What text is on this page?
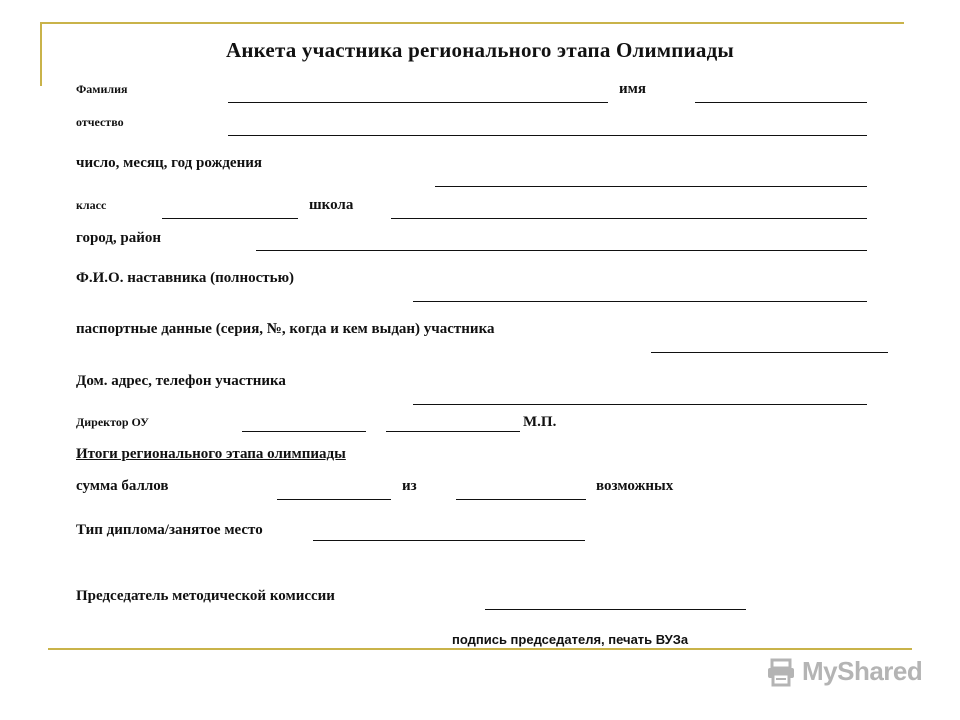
Анкета участника регионального этапа Олимпиады
Фамилия	имя
отчество
число, месяц, год рождения
класс	школа
город, район
Ф.И.О. наставника (полностью)
паспортные данные (серия, №, когда и кем выдан) участника
Дом. адрес, телефон участника
Директор ОУ	М.П.
Итоги регионального этапа олимпиады
сумма баллов	из	возможных
Тип диплома/занятое место
Председатель методической комиссии
подпись председателя, печать ВУЗа
MyShared
